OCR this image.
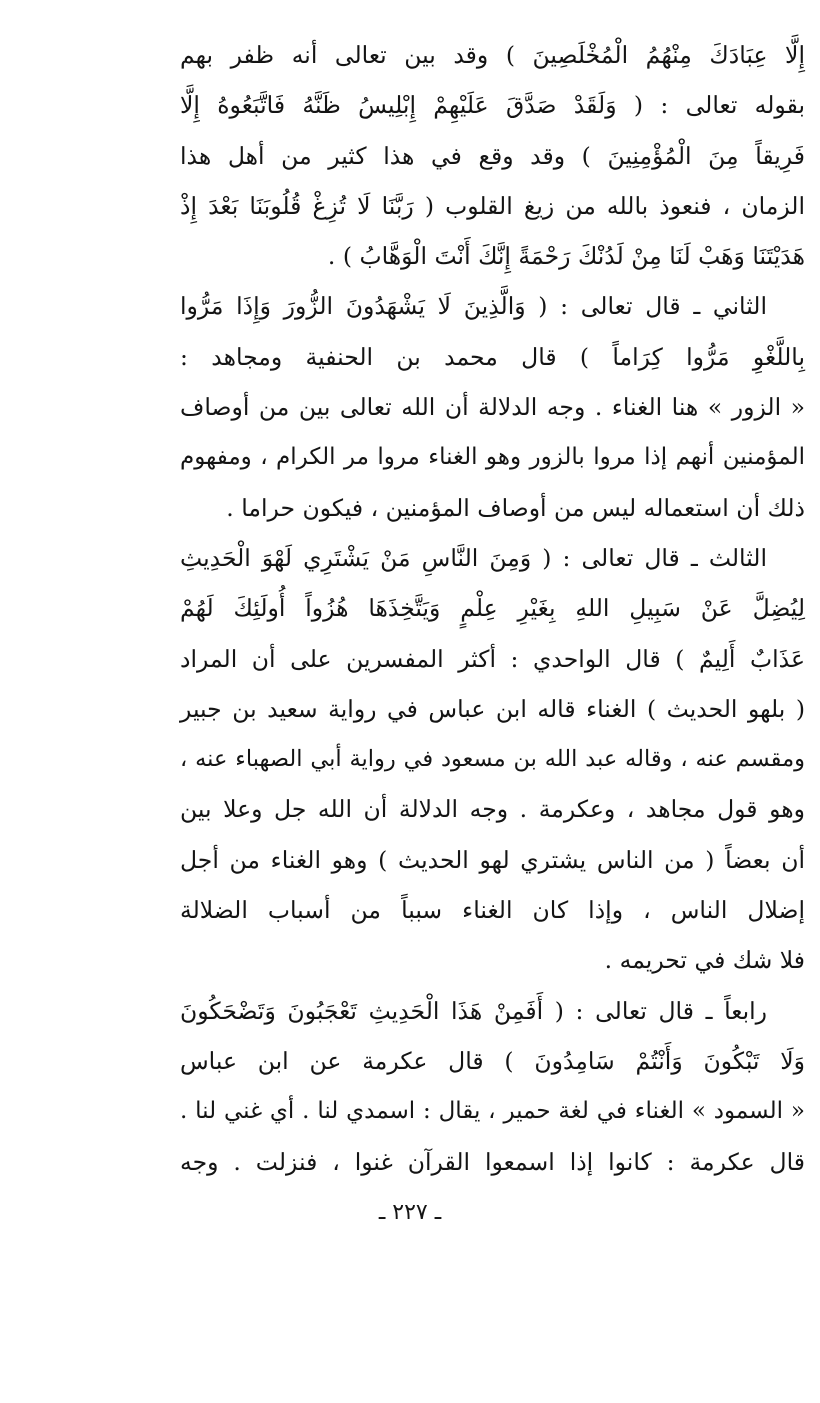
إِلَّا عِبَادَكَ مِنْهُمُ الْمُخْلَصِينَ ) وقد بين تعالى أنه ظفر بهم
بقوله تعالى : ( وَلَقَدْ صَدَّقَ عَلَيْهِمْ إِبْلِيسُ ظَنَّهُ فَاتَّبَعُوهُ إِلَّا
فَرِيقاً مِنَ الْمُؤْمِنِينَ ) وقد وقع في هذا كثير من أهل هذا
الزمان ، فنعوذ بالله من زيغ القلوب ( رَبَّنَا لَا تُزِغْ قُلُوبَنَا بَعْدَ إِذْ
هَدَيْتَنَا وَهَبْ لَنَا مِنْ لَدُنْكَ رَحْمَةً إِنَّكَ أَنْتَ الْوَهَّابُ ) .
الثاني ـ قال تعالى : ( وَالَّذِينَ لَا يَشْهَدُونَ الزُّورَ وَإِذَا مَرُّوا
بِاللَّغْوِ مَرُّوا كِرَاماً ) قال محمد بن الحنفية ومجاهد :
« الزور » هنا الغناء . وجه الدلالة أن الله تعالى بين من أوصاف
المؤمنين أنهم إذا مروا بالزور وهو الغناء مروا مر الكرام ، ومفهوم
ذلك أن استعماله ليس من أوصاف المؤمنين ، فيكون حراما .
الثالث ـ قال تعالى : ( وَمِنَ النَّاسِ مَنْ يَشْتَرِي لَهْوَ الْحَدِيثِ
لِيُضِلَّ عَنْ سَبِيلِ اللهِ بِغَيْرِ عِلْمٍ وَيَتَّخِذَهَا هُزُواً أُولَئِكَ لَهُمْ
عَذَابٌ أَلِيمٌ ) قال الواحدي : أكثر المفسرين على أن المراد
( بلهو الحديث ) الغناء قاله ابن عباس في رواية سعيد بن جبير
ومقسم عنه ، وقاله عبد الله بن مسعود في رواية أبي الصهباء عنه ،
وهو قول مجاهد ، وعكرمة . وجه الدلالة أن الله جل وعلا بين
أن بعضاً ( من الناس يشتري لهو الحديث ) وهو الغناء من أجل
إضلال الناس ، وإذا كان الغناء سبباً من أسباب الضلالة
فلا شك في تحريمه .
رابعاً ـ قال تعالى : ( أَفَمِنْ هَذَا الْحَدِيثِ تَعْجَبُونَ وَتَضْحَكُونَ
وَلَا تَبْكُونَ وَأَنْتُمْ سَامِدُونَ ) قال عكرمة عن ابن عباس
« السمود » الغناء في لغة حمير ، يقال : اسمدي لنا . أي غني لنا .
قال عكرمة : كانوا إذا اسمعوا القرآن غنوا ، فنزلت . وجه
ـ ٢٢٧ ـ
